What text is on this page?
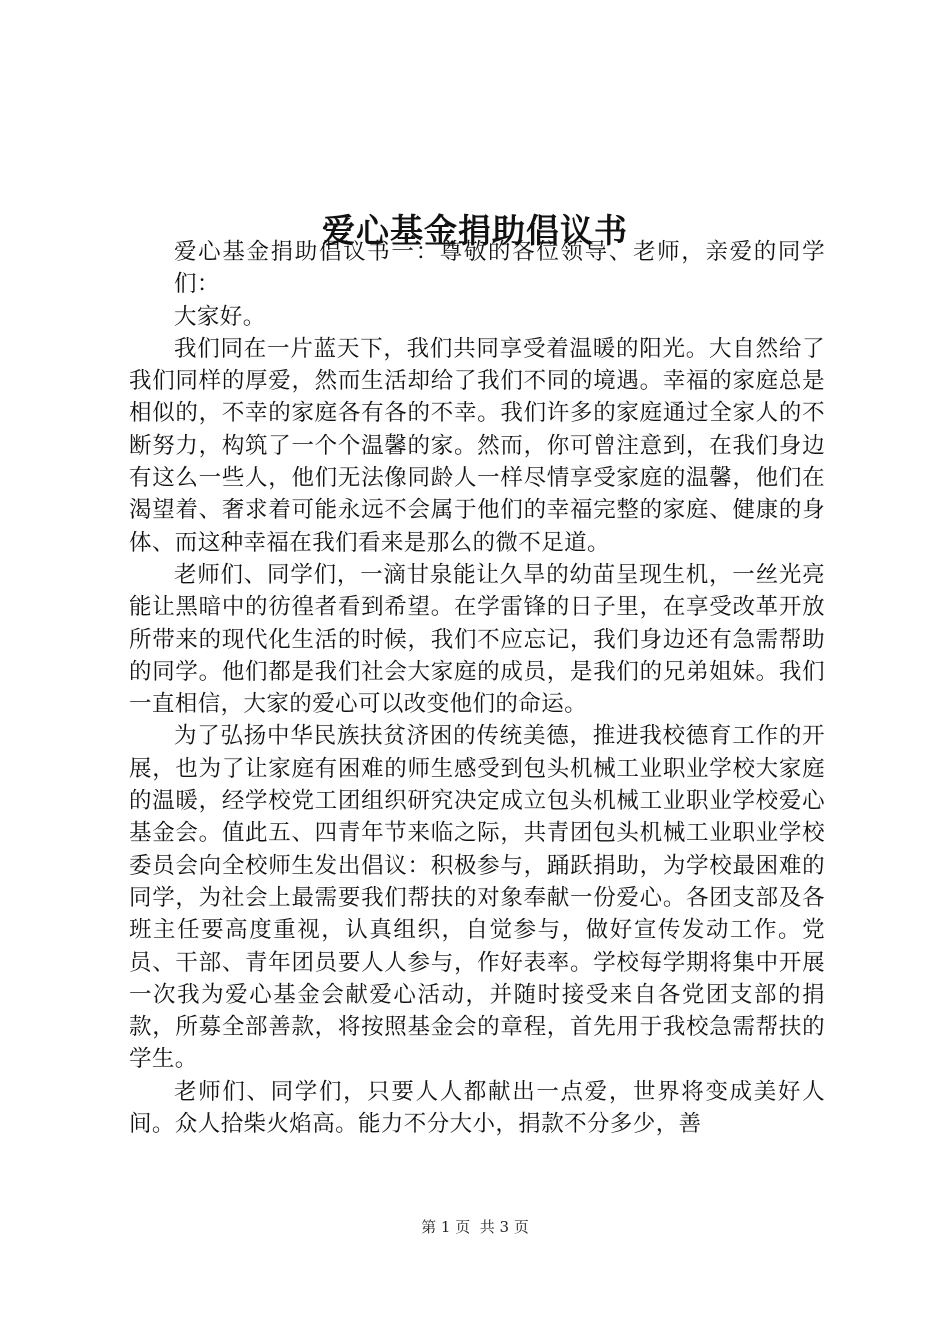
爱心基金捐助倡议书

爱心基金捐助倡议书一：尊敬的各位领导、老师，亲爱的同学们：

大家好。

我们同在一片蓝天下，我们共同享受着温暖的阳光。大自然给了我们同样的厚爱，然而生活却给了我们不同的境遇。幸福的家庭总是相似的，不幸的家庭各有各的不幸。我们许多的家庭通过全家人的不断努力，构筑了一个个温馨的家。然而，你可曾注意到，在我们身边有这么一些人，他们无法像同龄人一样尽情享受家庭的温馨，他们在渴望着、奢求着可能永远不会属于他们的幸福完整的家庭、健康的身体、而这种幸福在我们看来是那么的微不足道。

老师们、同学们，一滴甘泉能让久旱的幼苗呈现生机，一丝光亮能让黑暗中的彷徨者看到希望。在学雷锋的日子里，在享受改革开放所带来的现代化生活的时候，我们不应忘记，我们身边还有急需帮助的同学。他们都是我们社会大家庭的成员，是我们的兄弟姐妹。我们一直相信，大家的爱心可以改变他们的命运。

为了弘扬中华民族扶贫济困的传统美德，推进我校德育工作的开展，也为了让家庭有困难的师生感受到包头机械工业职业学校大家庭的温暖，经学校党工团组织研究决定成立包头机械工业职业学校爱心基金会。值此五、四青年节来临之际，共青团包头机械工业职业学校委员会向全校师生发出倡议：积极参与，踊跃捐助，为学校最困难的同学，为社会上最需要我们帮扶的对象奉献一份爱心。各团支部及各班主任要高度重视，认真组织，自觉参与，做好宣传发动工作。党员、干部、青年团员要人人参与，作好表率。学校每学期将集中开展一次我为爱心基金会献爱心活动，并随时接受来自各党团支部的捐款，所募全部善款，将按照基金会的章程，首先用于我校急需帮扶的学生。

老师们、同学们，只要人人都献出一点爱，世界将变成美好人间。众人拾柴火焰高。能力不分大小，捐款不分多少，善

第 1 页  共 3 页
